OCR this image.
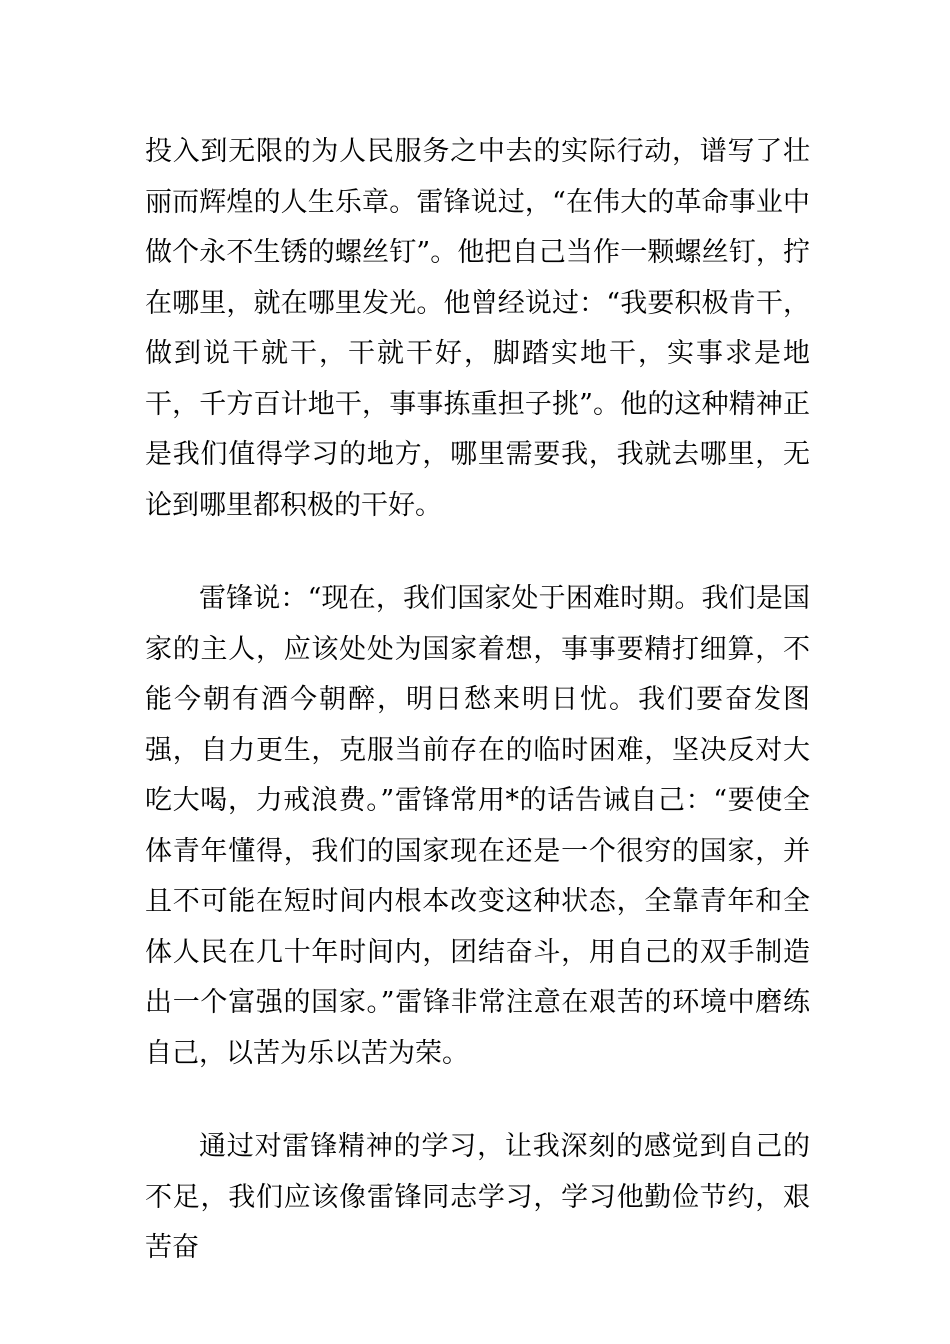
投入到无限的为人民服务之中去的实际行动，谱写了壮丽而辉煌的人生乐章。雷锋说过，“在伟大的革命事业中做个永不生锈的螺丝钉”。他把自己当作一颗螺丝钉，拧在哪里，就在哪里发光。他曾经说过：“我要积极肯干，做到说干就干，干就干好，脚踏实地干，实事求是地干，千方百计地干，事事拣重担子挑”。他的这种精神正是我们值得学习的地方，哪里需要我，我就去哪里，无论到哪里都积极的干好。

雷锋说：“现在，我们国家处于困难时期。我们是国家的主人，应该处处为国家着想，事事要精打细算，不能今朝有酒今朝醉，明日愁来明日忧。我们要奋发图强，自力更生，克服当前存在的临时困难，坚决反对大吃大喝，力戒浪费。”雷锋常用*的话告诫自己：“要使全体青年懂得，我们的国家现在还是一个很穷的国家，并且不可能在短时间内根本改变这种状态，全靠青年和全体人民在几十年时间内，团结奋斗，用自己的双手制造出一个富强的国家。”雷锋非常注意在艰苦的环境中磨练自己，以苦为乐以苦为荣。

通过对雷锋精神的学习，让我深刻的感觉到自己的不足，我们应该像雷锋同志学习，学习他勤俭节约，艰苦奋
